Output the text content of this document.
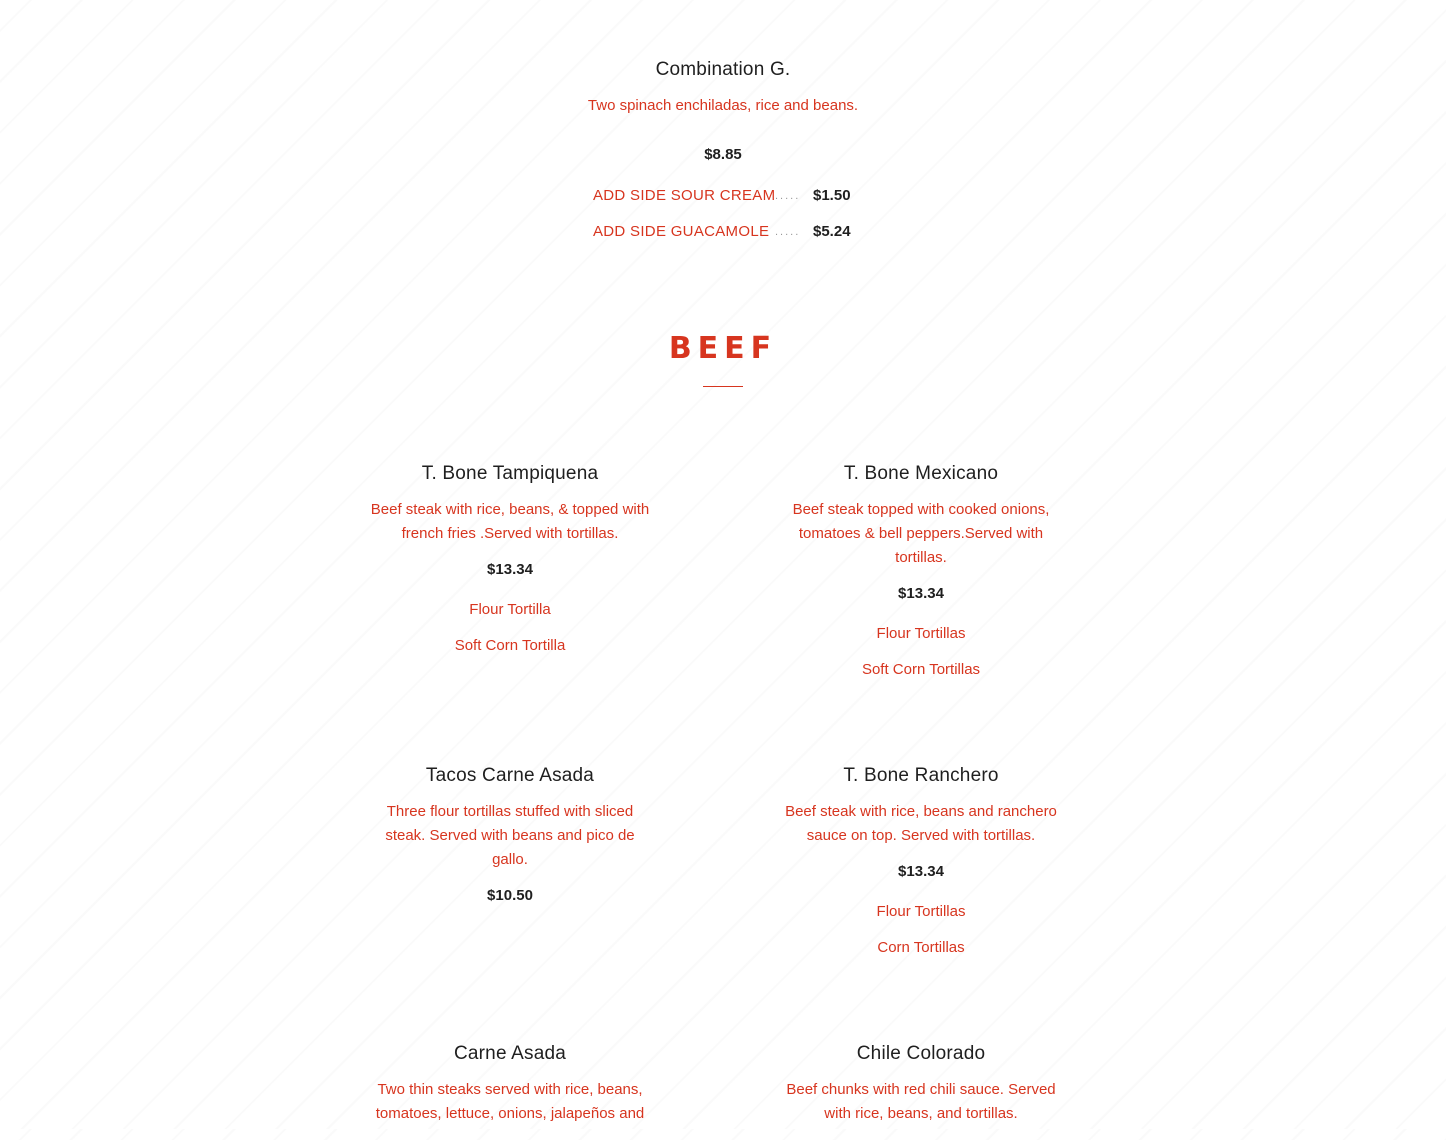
Combination G.

Two spinach enchiladas, rice and beans.

$8.85

ADD SIDE SOUR CREAM ..... $1.50
ADD SIDE GUACAMOLE ..... $5.24
BEEF
T. Bone Tampiquena

Beef steak with rice, beans, & topped with french fries .Served with tortillas.

$13.34

Flour Tortilla
Soft Corn Tortilla
T. Bone Mexicano

Beef steak topped with cooked onions, tomatoes & bell peppers.Served with tortillas.

$13.34

Flour Tortillas
Soft Corn Tortillas
Tacos Carne Asada

Three flour tortillas stuffed with sliced steak. Served with beans and pico de gallo.

$10.50

T. Bone Ranchero

Beef steak with rice, beans and ranchero sauce on top. Served with tortillas.

$13.34

Flour Tortillas
Corn Tortillas
Carne Asada

Two thin steaks served with rice, beans, tomatoes, lettuce, onions, jalapeños and

Chile Colorado

Beef chunks with red chili sauce. Served with rice, beans, and tortillas.
